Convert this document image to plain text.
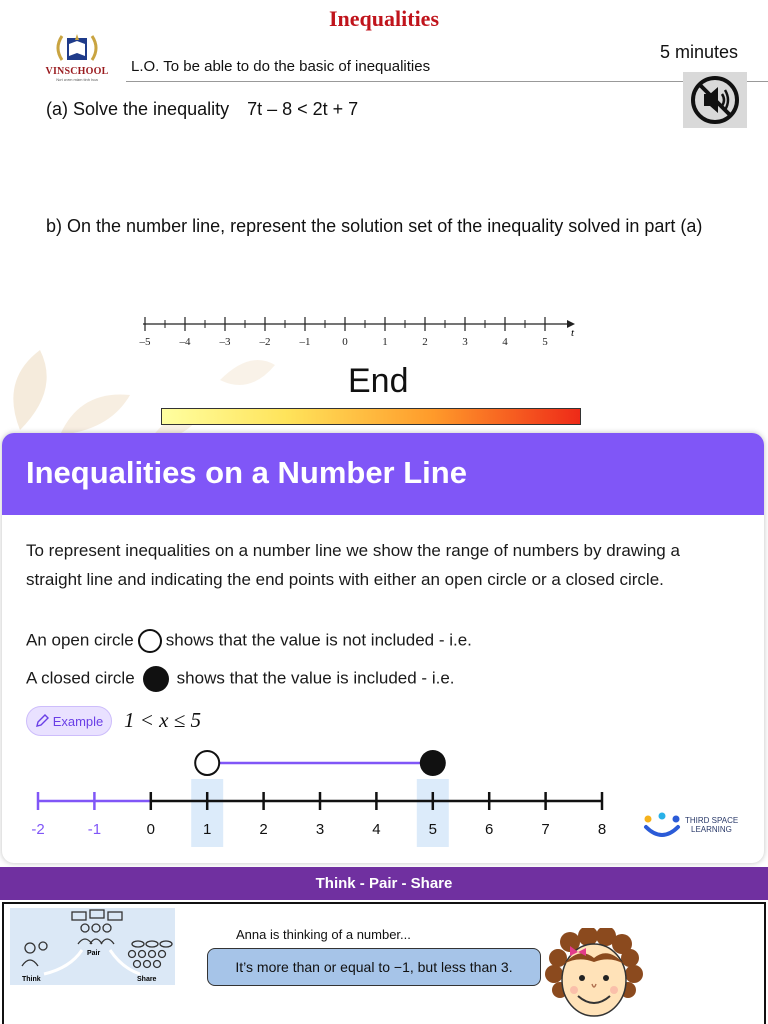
Inequalities
VINSCHOOL
Nơi ươm mầm tinh hoa
L.O. To be able to do the basic of inequalities
5 minutes
(a) Solve the inequality 7t – 8 < 2t + 7
b) On the number line, represent the solution set of the inequality solved in part (a)
–5	–4	–3	–2	–1	0	1	2	3	4	5
t
End
Inequalities on a Number Line
To represent inequalities on a number line we show the range of numbers by drawing a straight line and indicating the end points with either an open circle or a closed circle.
An open circle shows that the value is not included - i.e.
A closed circle shows that the value is included - i.e.
Example 1 < x ≤ 5
-2	-1	0	1	2	3	4	5	6	7	8
THIRD SPACE
LEARNING
Think - Pair - Share
Think
Pair
Share
Anna is thinking of a number...
It’s more than or equal to −1, but less than 3.
